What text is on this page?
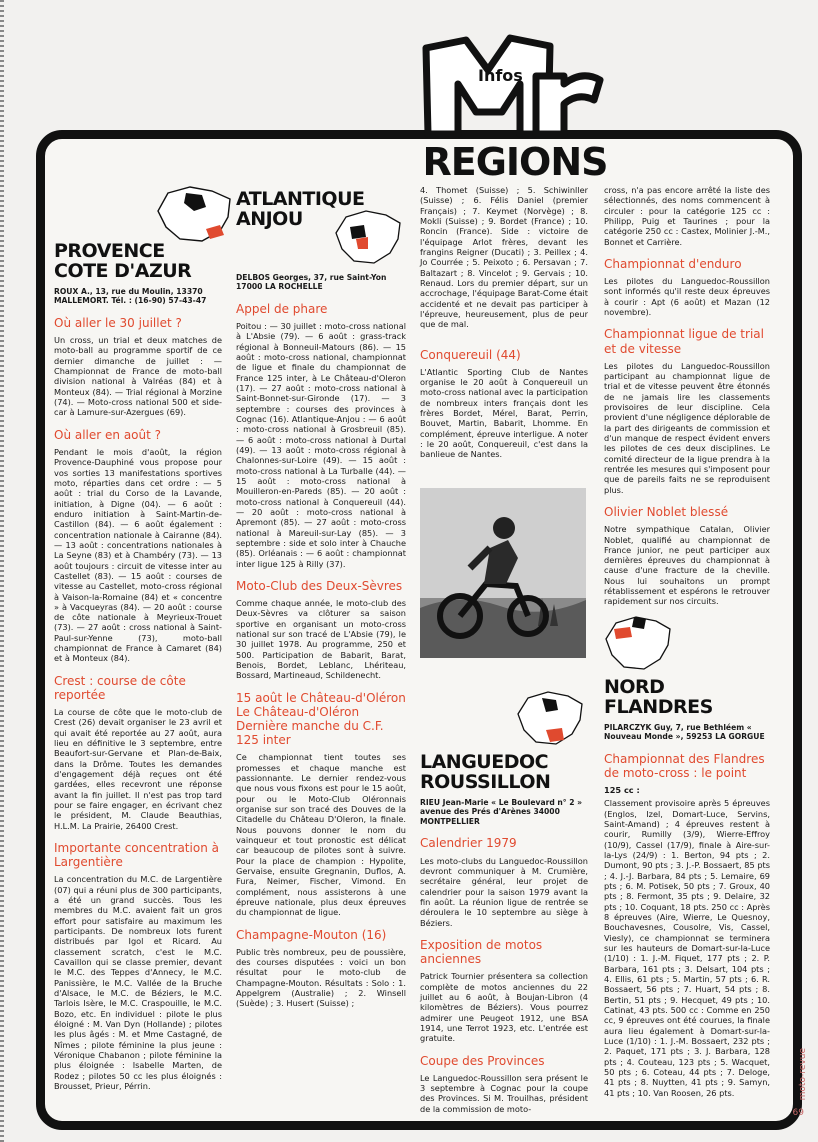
Infos
REGIONS
PROVENCE
COTE D'AZUR
ROUX A., 13, rue du Moulin, 13370 MALLEMORT. Tél. : (16-90) 57-43-47
Où aller le 30 juillet ?

Un cross, un trial et deux matches de moto-ball au programme sportif de ce dernier dimanche de juillet : — Championnat de France de moto-ball division national à Valréas (84) et à Monteux (84). — Trial régional à Morzine (74). — Moto-cross national 500 et side-car à Lamure-sur-Azergues (69).

Où aller en août ?

Pendant le mois d'août, la région Provence-Dauphiné vous propose pour vos sorties 13 manifestations sportives moto, réparties dans cet ordre : — 5 août : trial du Corso de la Lavande, initiation, à Digne (04). — 6 août : enduro initiation à Saint-Martin-de-Castillon (84). — 6 août également : concentration nationale à Cairanne (84). — 13 août : concentrations nationales à La Seyne (83) et à Chambéry (73). — 13 août toujours : circuit de vitesse inter au Castellet (83). — 15 août : courses de vitesse au Castellet, moto-cross régional à Vaison-la-Romaine (84) et « concentre » à Vacqueyras (84). — 20 août : course de côte nationale à Meyrieux-Trouet (73). — 27 août : cross national à Saint-Paul-sur-Yenne (73), moto-ball championnat de France à Camaret (84) et à Monteux (84).

Crest : course de côte reportée

La course de côte que le moto-club de Crest (26) devait organiser le 23 avril et qui avait été reportée au 27 août, aura lieu en définitive le 3 septembre, entre Beaufort-sur-Gervane et Plan-de-Baix, dans la Drôme. Toutes les demandes d'engagement déjà reçues ont été gardées, elles recevront une réponse avant la fin juillet. Il n'est pas trop tard pour se faire engager, en écrivant chez le président, M. Claude Beauthias, H.L.M. La Prairie, 26400 Crest.

Importante concentration à Largentière

La concentration du M.C. de Largentière (07) qui a réuni plus de 300 participants, a été un grand succès. Tous les membres du M.C. avaient fait un gros effort pour satisfaire au maximum les participants. De nombreux lots furent distribués par Igol et Ricard. Au classement scratch, c'est le M.C. Cavaillon qui se classe premier, devant le M.C. des Teppes d'Annecy, le M.C. Panissière, le M.C. Vallée de la Bruche d'Alsace, le M.C. de Béziers, le M.C. Tarlois Isère, le M.C. Craspouille, le M.C. Bozo, etc. En individuel : pilote le plus éloigné : M. Van Dyn (Hollande) ; pilotes les plus âgés : M. et Mme Castagné, de Nîmes ; pilote féminine la plus jeune : Véronique Chabanon ; pilote féminine la plus éloignée : Isabelle Marten, de Rodez ; pilotes 50 cc les plus éloignés : Brousset, Prieur, Pérrin.

ATLANTIQUE
ANJOU
DELBOS Georges, 37, rue Saint-Yon 17000 LA ROCHELLE
Appel de phare

Poitou : — 30 juillet : moto-cross national à L'Absie (79). — 6 août : grass-track régional à Bonneuil-Matours (86). — 15 août : moto-cross national, championnat de ligue et finale du championnat de France 125 inter, à Le Château-d'Oleron (17). — 27 août : moto-cross national à Saint-Bonnet-sur-Gironde (17). — 3 septembre : courses des provinces à Cognac (16). Atlantique-Anjou : — 6 août : moto-cross national à Grosbreuil (85). — 6 août : moto-cross national à Durtal (49). — 13 août : moto-cross régional à Chalonnes-sur-Loire (49). — 15 août : moto-cross national à La Turballe (44). — 15 août : moto-cross national à Mouilleron-en-Pareds (85). — 20 août : moto-cross national à Conquereuil (44). — 20 août : moto-cross national à Apremont (85). — 27 août : moto-cross national à Mareuil-sur-Lay (85). — 3 septembre : side et solo inter à Chauche (85). Orléanais : — 6 août : championnat inter ligue 125 à Rilly (37).

Moto-Club des Deux-Sèvres

Comme chaque année, le moto-club des Deux-Sèvres va clôturer sa saison sportive en organisant un moto-cross national sur son tracé de L'Absie (79), le 30 juillet 1978. Au programme, 250 et 500. Participation de Babarit, Barat, Benois, Bordet, Leblanc, Lhériteau, Bossard, Martineaud, Schildenecht.

15 août le Château-d'Oléron Le Château-d'Oléron Dernière manche du C.F. 125 inter

Ce championnat tient toutes ses promesses et chaque manche est passionnante. Le dernier rendez-vous que nous vous fixons est pour le 15 août, pour ou le Moto-Club Oléronnais organise sur son tracé des Douves de la Citadelle du Château D'Oleron, la finale. Nous pouvons donner le nom du vainqueur et tout pronostic est délicat car beaucoup de pilotes sont à suivre. Pour la place de champion : Hypolite, Gervaise, ensuite Gregnanin, Duflos, A. Fura, Neimer, Fischer, Vimond. En complément, nous assisterons à une épreuve nationale, plus deux épreuves du championnat de ligue.

Champagne-Mouton (16)

Public très nombreux, peu de poussière, des courses disputées : voici un bon résultat pour le moto-club de Champagne-Mouton. Résultats : Solo : 1. Appelgrem (Australie) ; 2. Winsell (Suède) ; 3. Husert (Suisse) ;

4. Thomet (Suisse) ; 5. Schiwinller (Suisse) ; 6. Félis Daniel (premier Français) ; 7. Keymet (Norvège) ; 8. Mokli (Suisse) ; 9. Bordet (France) ; 10. Roncin (France). Side : victoire de l'équipage Arlot frères, devant les frangins Reigner (Ducati) ; 3. Peillex ; 4. Jo Courrée ; 5. Peixoto ; 6. Persavan ; 7. Baltazart ; 8. Vincelot ; 9. Gervais ; 10. Renaud. Lors du premier départ, sur un accrochage, l'équipage Barat-Come était accidenté et ne devait pas participer à l'épreuve, heureusement, plus de peur que de mal.

Conquereuil (44)

L'Atlantic Sporting Club de Nantes organise le 20 août à Conquereuil un moto-cross national avec la participation de nombreux inters français dont les frères Bordet, Mérel, Barat, Perrin, Bouvet, Martin, Babarit, Lhomme. En complément, épreuve interligue. A noter : le 20 août, Conquereuil, c'est dans la banlieue de Nantes.

LANGUEDOC
ROUSSILLON
RIEU Jean-Marie « Le Boulevard n° 2 » avenue des Prés d'Arènes 34000 MONTPELLIER
Calendrier 1979

Les moto-clubs du Languedoc-Roussillon devront communiquer à M. Crumière, secrétaire général, leur projet de calendrier pour la saison 1979 avant la fin août. La réunion ligue de rentrée se déroulera le 10 septembre au siège à Béziers.

Exposition de motos anciennes

Patrick Tournier présentera sa collection complète de motos anciennes du 22 juillet au 6 août, à Boujan-Libron (4 kilomètres de Béziers). Vous pourrez admirer une Peugeot 1912, une BSA 1914, une Terrot 1923, etc. L'entrée est gratuite.

Coupe des Provinces

Le Languedoc-Roussillon sera présent le 3 septembre à Cognac pour la coupe des Provinces. Si M. Trouilhas, président de la commission de moto-

cross, n'a pas encore arrêté la liste des sélectionnés, des noms commencent à circuler : pour la catégorie 125 cc : Philipp, Puig et Taurines ; pour la catégorie 250 cc : Castex, Molinier J.-M., Bonnet et Carrière.

Championnat d'enduro

Les pilotes du Languedoc-Roussillon sont informés qu'il reste deux épreuves à courir : Apt (6 août) et Mazan (12 novembre).

Championnat ligue de trial et de vitesse

Les pilotes du Languedoc-Roussillon participant au championnat ligue de trial et de vitesse peuvent être étonnés de ne jamais lire les classements provisoires de leur discipline. Cela provient d'une négligence déplorable de la part des dirigeants de commission et d'un manque de respect évident envers les pilotes de ces deux disciplines. Le comité directeur de la ligue prendra à la rentrée les mesures qui s'imposent pour que de pareils faits ne se reproduisent plus.

Olivier Noblet blessé

Notre sympathique Catalan, Olivier Noblet, qualifié au championnat de France junior, ne peut participer aux dernières épreuves du championnat à cause d'une fracture de la cheville. Nous lui souhaitons un prompt rétablissement et espérons le retrouver rapidement sur nos circuits.

NORD FLANDRES
PILARCZYK Guy, 7, rue Bethléem « Nouveau Monde », 59253 LA GORGUE
Championnat des Flandres de moto-cross : le point

125 cc :

Classement provisoire après 5 épreuves (Englos, Izel, Domart-Luce, Servins, Saint-Amand) ; 4 épreuves restent à courir, Rumilly (3/9), Wierre-Effroy (10/9), Cassel (17/9), finale à Aire-sur-la-Lys (24/9) : 1. Berton, 94 pts ; 2. Dumont, 90 pts ; 3. J.-P. Bossaert, 85 pts ; 4. J.-J. Barbara, 84 pts ; 5. Lemaire, 69 pts ; 6. M. Potisek, 50 pts ; 7. Groux, 40 pts ; 8. Fermont, 35 pts ; 9. Delaire, 32 pts ; 10. Coquant, 18 pts. 250 cc : Après 8 épreuves (Aire, Wierre, Le Quesnoy, Bouchavesnes, Cousolre, Vis, Cassel, Viesly), ce championnat se terminera sur les hauteurs de Domart-sur-la-Luce (1/10) : 1. J.-M. Fiquet, 177 pts ; 2. P. Barbara, 161 pts ; 3. Delsart, 104 pts ; 4. Ellis, 61 pts ; 5. Martin, 57 pts ; 6. R. Bossaert, 56 pts ; 7. Huart, 54 pts ; 8. Bertin, 51 pts ; 9. Hecquet, 49 pts ; 10. Catinat, 43 pts. 500 cc : Comme en 250 cc, 9 épreuves ont été courues, la finale aura lieu également à Domart-sur-la-Luce (1/10) : 1. J.-M. Bossaert, 232 pts ; 2. Paquet, 171 pts ; 3. J. Barbara, 128 pts ; 4. Couteau, 123 pts ; 5. Wacquet, 50 pts ; 6. Coteau, 44 pts ; 7. Deloge, 41 pts ; 8. Nuytten, 41 pts ; 9. Samyn, 41 pts ; 10. Van Roosen, 26 pts.	moto-revue
69
